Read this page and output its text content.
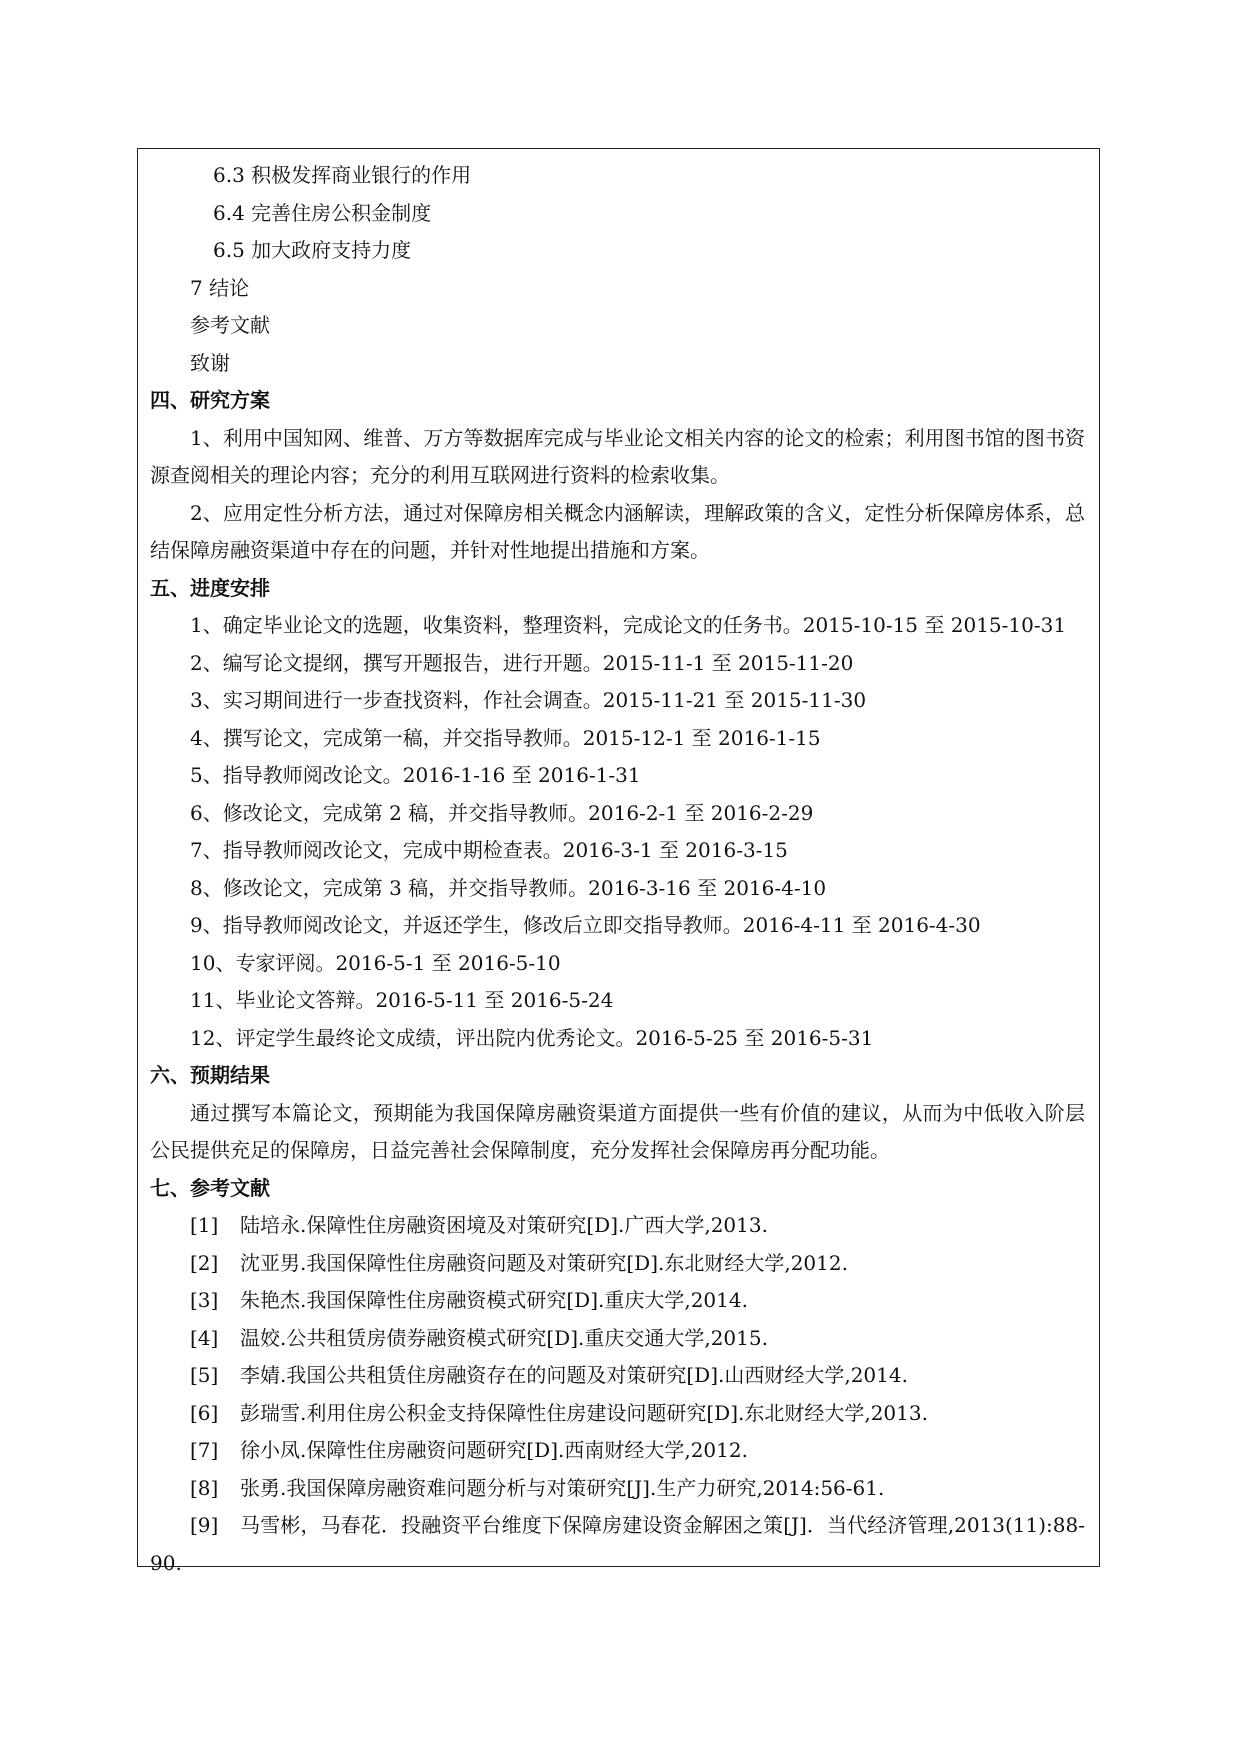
6.3 积极发挥商业银行的作用
6.4 完善住房公积金制度
6.5 加大政府支持力度
7 结论
参考文献
致谢
四、研究方案
1、利用中国知网、维普、万方等数据库完成与毕业论文相关内容的论文的检索；利用图书馆的图书资源查阅相关的理论内容；充分的利用互联网进行资料的检索收集。
2、应用定性分析方法，通过对保障房相关概念内涵解读，理解政策的含义，定性分析保障房体系，总结保障房融资渠道中存在的问题，并针对性地提出措施和方案。
五、进度安排
1、确定毕业论文的选题，收集资料，整理资料，完成论文的任务书。2015-10-15 至 2015-10-31
2、编写论文提纲，撰写开题报告，进行开题。2015-11-1 至 2015-11-20
3、实习期间进行一步查找资料，作社会调查。2015-11-21 至 2015-11-30
4、撰写论文，完成第一稿，并交指导教师。2015-12-1 至 2016-1-15
5、指导教师阅改论文。2016-1-16 至 2016-1-31
6、修改论文，完成第 2 稿，并交指导教师。2016-2-1 至 2016-2-29
7、指导教师阅改论文，完成中期检查表。2016-3-1 至 2016-3-15
8、修改论文，完成第 3 稿，并交指导教师。2016-3-16 至 2016-4-10
9、指导教师阅改论文，并返还学生，修改后立即交指导教师。2016-4-11 至 2016-4-30
10、专家评阅。2016-5-1 至 2016-5-10
11、毕业论文答辩。2016-5-11 至 2016-5-24
12、评定学生最终论文成绩，评出院内优秀论文。2016-5-25 至 2016-5-31
六、预期结果
通过撰写本篇论文，预期能为我国保障房融资渠道方面提供一些有价值的建议，从而为中低收入阶层公民提供充足的保障房，日益完善社会保障制度，充分发挥社会保障房再分配功能。
七、参考文献
[1] 陆培永.保障性住房融资困境及对策研究[D].广西大学,2013.
[2] 沈亚男.我国保障性住房融资问题及对策研究[D].东北财经大学,2012.
[3] 朱艳杰.我国保障性住房融资模式研究[D].重庆大学,2014.
[4] 温姣.公共租赁房债券融资模式研究[D].重庆交通大学,2015.
[5] 李婧.我国公共租赁住房融资存在的问题及对策研究[D].山西财经大学,2014.
[6] 彭瑞雪.利用住房公积金支持保障性住房建设问题研究[D].东北财经大学,2013.
[7] 徐小凤.保障性住房融资问题研究[D].西南财经大学,2012.
[8] 张勇.我国保障房融资难问题分析与对策研究[J].生产力研究,2014:56-61.
[9] 马雪彬，马春花．投融资平台维度下保障房建设资金解困之策[J]．当代经济管理,2013(11):88-90.
